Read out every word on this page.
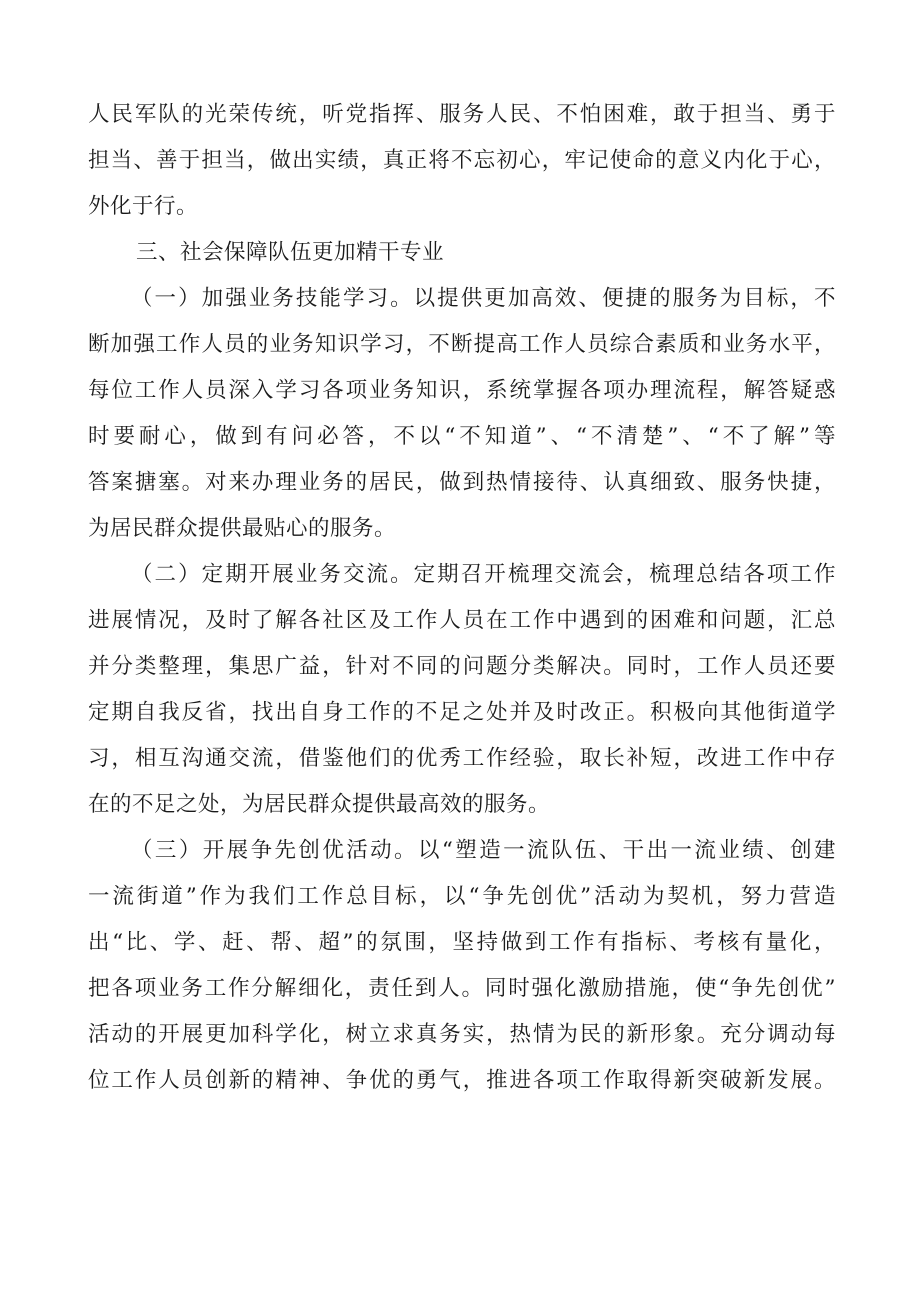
人民军队的光荣传统，听党指挥、服务人民、不怕困难，敢于担当、勇于
担当、善于担当，做出实绩，真正将不忘初心，牢记使命的意义内化于心，
外化于行。
三、社会保障队伍更加精干专业
（一）加强业务技能学习。以提供更加高效、便捷的服务为目标，不
断加强工作人员的业务知识学习，不断提高工作人员综合素质和业务水平，
每位工作人员深入学习各项业务知识，系统掌握各项办理流程，解答疑惑
时要耐心，做到有问必答，不以“不知道”、“不清楚”、“不了解”等
答案搪塞。对来办理业务的居民，做到热情接待、认真细致、服务快捷，
为居民群众提供最贴心的服务。
（二）定期开展业务交流。定期召开梳理交流会，梳理总结各项工作
进展情况，及时了解各社区及工作人员在工作中遇到的困难和问题，汇总
并分类整理，集思广益，针对不同的问题分类解决。同时，工作人员还要
定期自我反省，找出自身工作的不足之处并及时改正。积极向其他街道学
习，相互沟通交流，借鉴他们的优秀工作经验，取长补短，改进工作中存
在的不足之处，为居民群众提供最高效的服务。
（三）开展争先创优活动。以“塑造一流队伍、干出一流业绩、创建
一流街道”作为我们工作总目标，以“争先创优”活动为契机，努力营造
出“比、学、赶、帮、超”的氛围，坚持做到工作有指标、考核有量化，
把各项业务工作分解细化，责任到人。同时强化激励措施，使“争先创优”
活动的开展更加科学化，树立求真务实，热情为民的新形象。充分调动每
位工作人员创新的精神、争优的勇气，推进各项工作取得新突破新发展。
